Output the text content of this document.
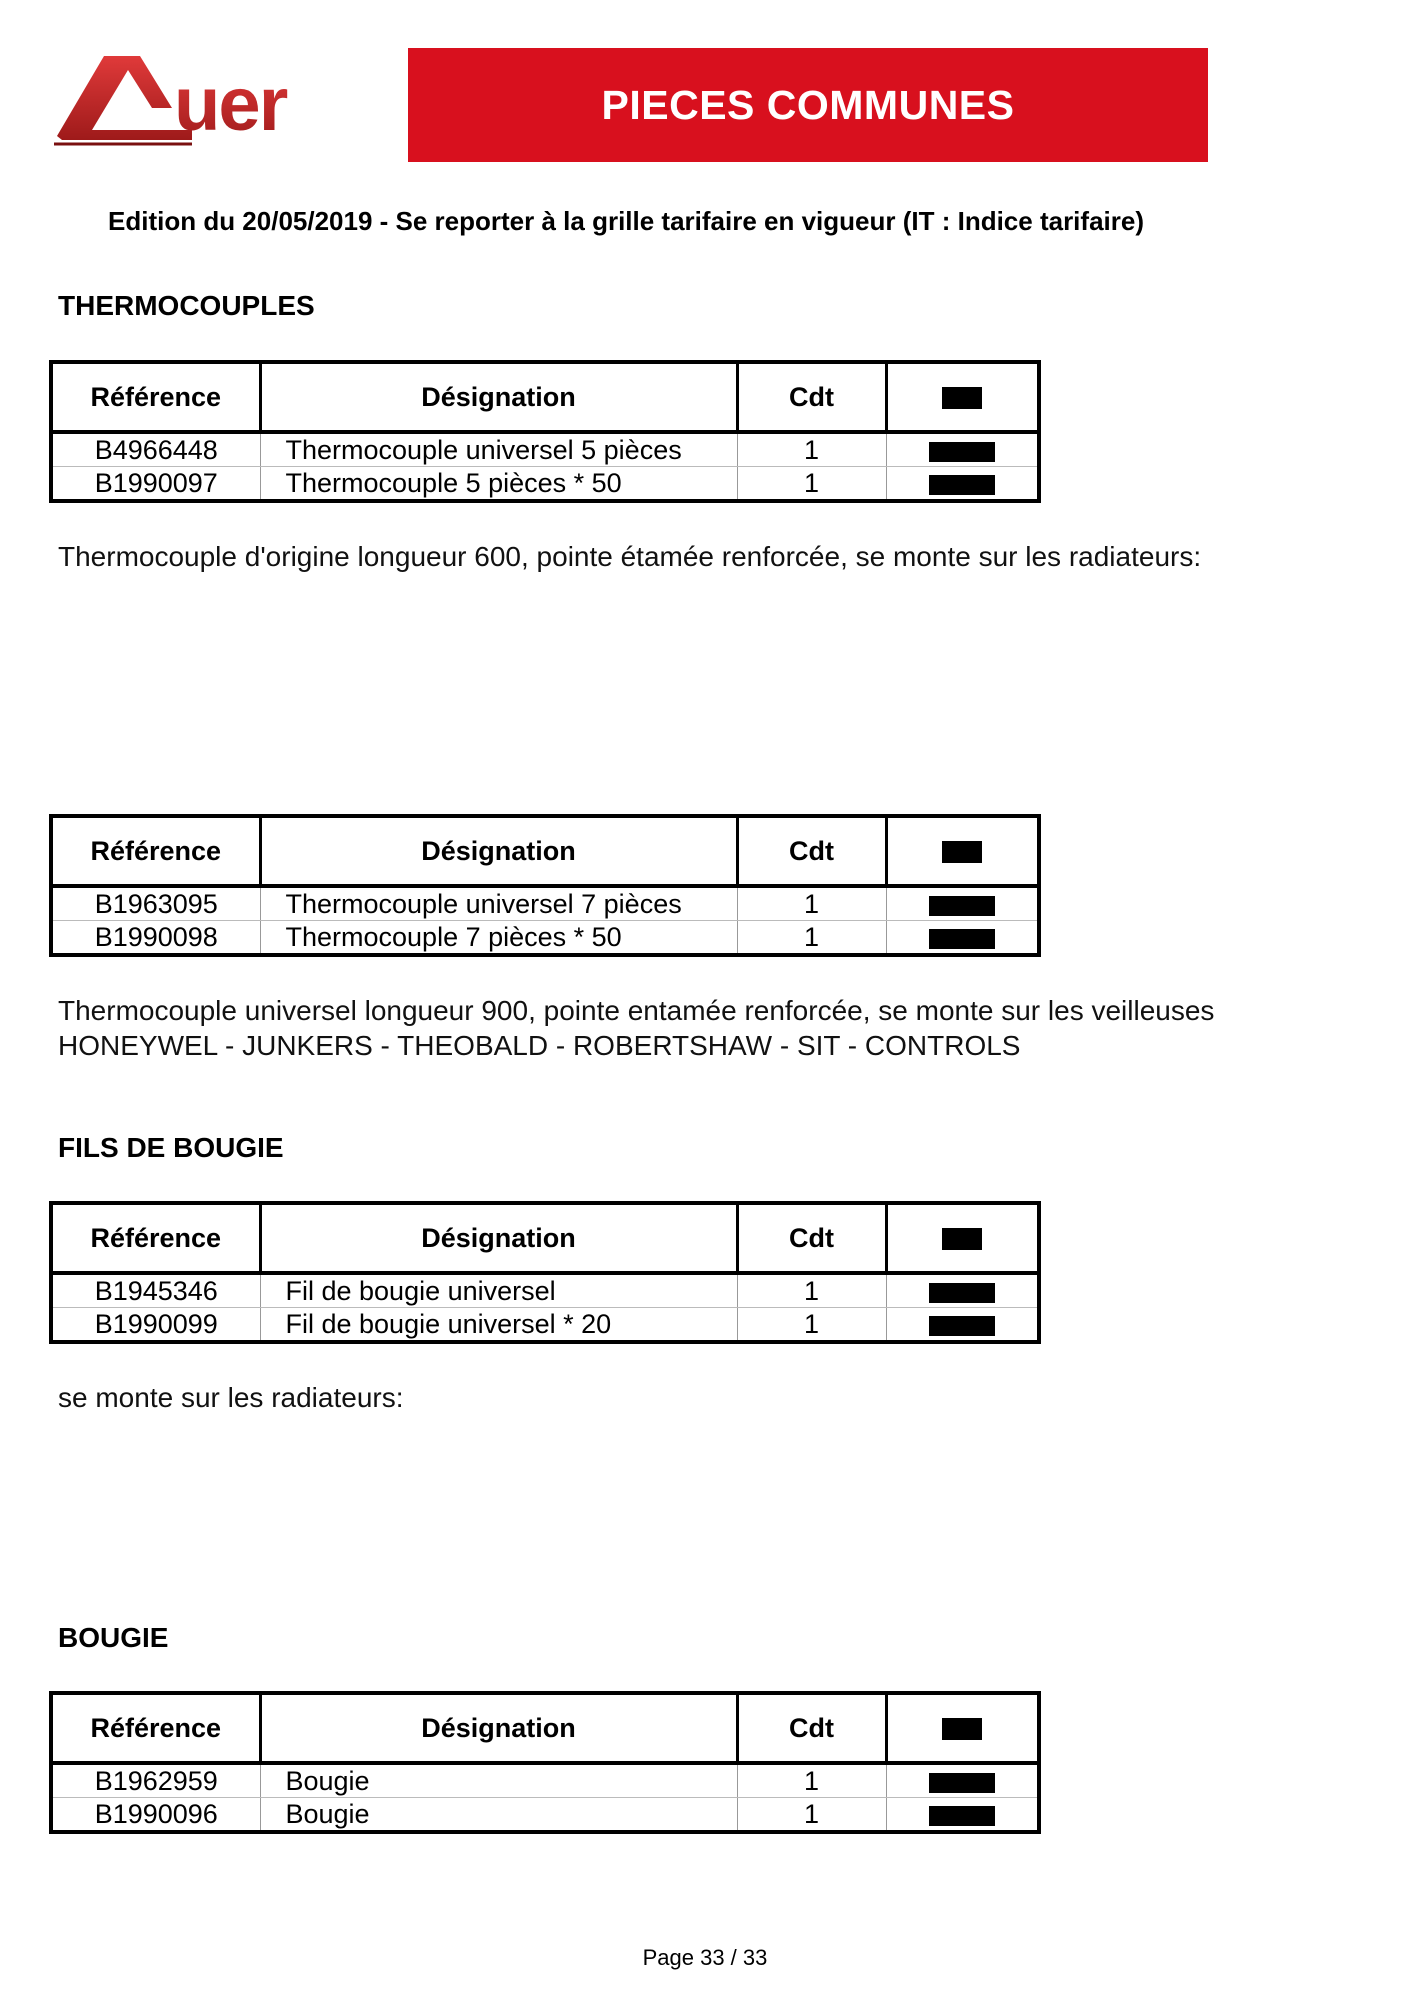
uer	PIECES COMMUNES
Edition du 20/05/2019 - Se reporter à la grille tarifaire en vigueur (IT : Indice tarifaire)
THERMOCOUPLES
Référence	Désignation	Cdt	
B4966448	Thermocouple universel 5 pièces	1	
B1990097	Thermocouple 5 pièces * 50	1	
Thermocouple d'origine longueur 600, pointe étamée renforcée, se monte sur les radiateurs:
Référence	Désignation	Cdt	
B1963095	Thermocouple universel 7 pièces	1	
B1990098	Thermocouple 7 pièces * 50	1	
Thermocouple universel longueur 900, pointe entamée renforcée, se monte sur les veilleuses
HONEYWEL - JUNKERS - THEOBALD - ROBERTSHAW - SIT - CONTROLS
FILS DE BOUGIE
Référence	Désignation	Cdt	
B1945346	Fil de bougie universel	1	
B1990099	Fil de bougie universel * 20	1	
se monte sur les radiateurs:
BOUGIE
Référence	Désignation	Cdt	
B1962959	Bougie	1	
B1990096	Bougie	1	
Page 33 / 33
